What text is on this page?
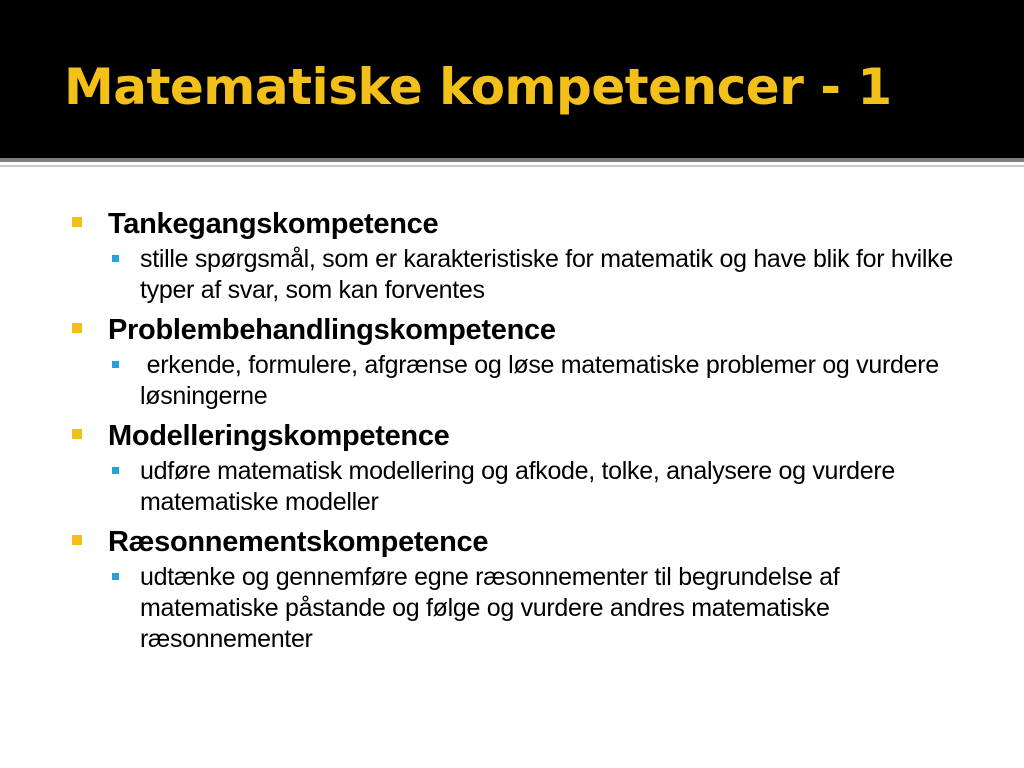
Matematiske kompetencer - 1
Tankegangskompetence
stille spørgsmål, som er karakteristiske for matematik og have blik for hvilke typer af svar, som kan forventes
Problembehandlingskompetence
erkende, formulere, afgrænse og løse matematiske problemer og vurdere løsningerne
Modelleringskompetence
udføre matematisk modellering og afkode, tolke, analysere og vurdere matematiske modeller
Ræsonnementskompetence
udtænke og gennemføre egne ræsonnementer til begrundelse af matematiske påstande og følge og vurdere andres matematiske ræsonnementer
